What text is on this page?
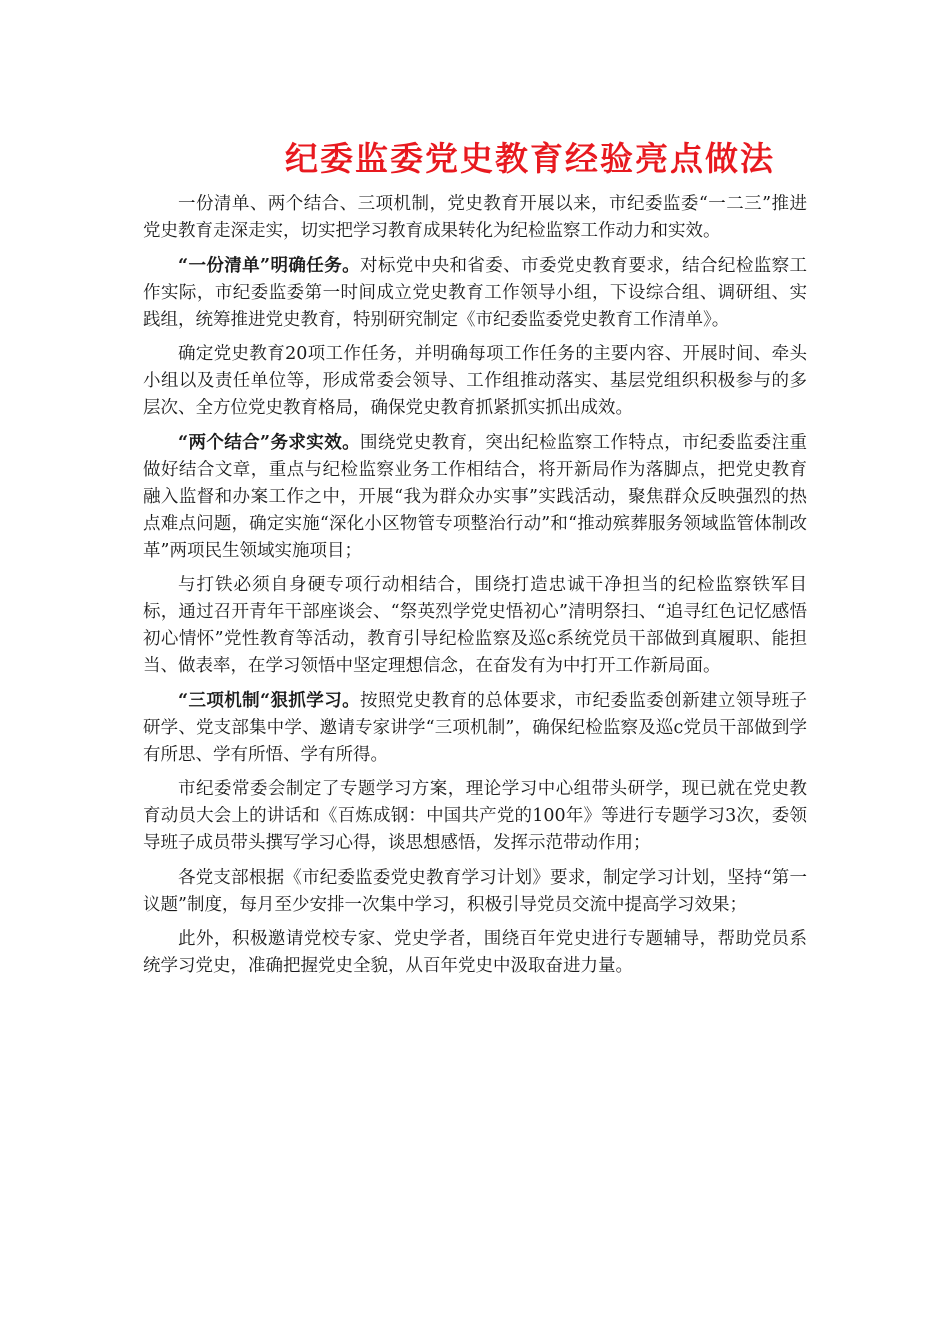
纪委监委党史教育经验亮点做法

一份清单、两个结合、三项机制，党史教育开展以来，市纪委监委“一二三”推进党史教育走深走实，切实把学习教育成果转化为纪检监察工作动力和实效。

“一份清单”明确任务。对标党中央和省委、市委党史教育要求，结合纪检监察工作实际，市纪委监委第一时间成立党史教育工作领导小组，下设综合组、调研组、实践组，统筹推进党史教育，特别研究制定《市纪委监委党史教育工作清单》。

确定党史教育20项工作任务，并明确每项工作任务的主要内容、开展时间、牵头小组以及责任单位等，形成常委会领导、工作组推动落实、基层党组织积极参与的多层次、全方位党史教育格局，确保党史教育抓紧抓实抓出成效。

“两个结合”务求实效。围绕党史教育，突出纪检监察工作特点，市纪委监委注重做好结合文章，重点与纪检监察业务工作相结合，将开新局作为落脚点，把党史教育融入监督和办案工作之中，开展“我为群众办实事”实践活动，聚焦群众反映强烈的热点难点问题，确定实施“深化小区物管专项整治行动”和“推动殡葬服务领域监管体制改革”两项民生领域实施项目；

与打铁必须自身硬专项行动相结合，围绕打造忠诚干净担当的纪检监察铁军目标，通过召开青年干部座谈会、“祭英烈学党史悟初心”清明祭扫、“追寻红色记忆感悟初心情怀”党性教育等活动，教育引导纪检监察及巡c系统党员干部做到真履职、能担当、做表率，在学习领悟中坚定理想信念，在奋发有为中打开工作新局面。

“三项机制“狠抓学习。按照党史教育的总体要求，市纪委监委创新建立领导班子研学、党支部集中学、邀请专家讲学“三项机制”，确保纪检监察及巡c党员干部做到学有所思、学有所悟、学有所得。

市纪委常委会制定了专题学习方案，理论学习中心组带头研学，现已就在党史教育动员大会上的讲话和《百炼成钢：中国共产党的100年》等进行专题学习3次，委领导班子成员带头撰写学习心得，谈思想感悟，发挥示范带动作用；

各党支部根据《市纪委监委党史教育学习计划》要求，制定学习计划，坚持“第一议题”制度，每月至少安排一次集中学习，积极引导党员交流中提高学习效果；

此外，积极邀请党校专家、党史学者，围绕百年党史进行专题辅导，帮助党员系统学习党史，准确把握党史全貌，从百年党史中汲取奋进力量。
